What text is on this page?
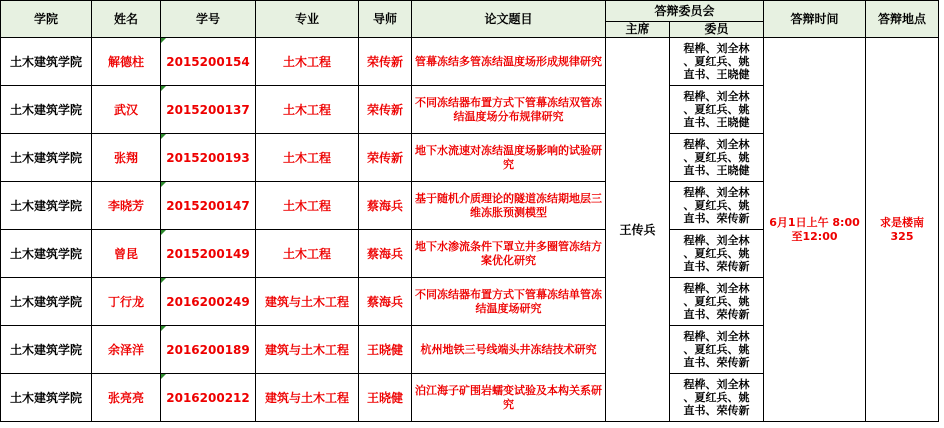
学院	姓名	学号	专业	导师	论文题目	答辩委员会		答辩时间	答辩地点
						主席	委员		
土木建筑学院	解德柱	2015200154	土木工程	荣传新	管幕冻结多管冻结温度场形成规律研究	王传兵	程桦、刘全林
、夏红兵、姚
直书、王晓健	6月1日上午 8:00至12:00	求是楼南 325
土木建筑学院	武汉	2015200137	土木工程	荣传新	不同冻结器布置方式下管幕冻结双管冻结温度场分布规律研究		程桦、刘全林
、夏红兵、姚
直书、王晓健		
土木建筑学院	张翔	2015200193	土木工程	荣传新	地下水流速对冻结温度场影响的试验研究		程桦、刘全林
、夏红兵、姚
直书、王晓健		
土木建筑学院	李晓芳	2015200147	土木工程	蔡海兵	基于随机介质理论的隧道冻结期地层三维冻胀预测模型		程桦、刘全林
、夏红兵、姚
直书、荣传新		
土木建筑学院	曾昆	2015200149	土木工程	蔡海兵	地下水渗流条件下罩立井多圈管冻结方案优化研究		程桦、刘全林
、夏红兵、姚
直书、荣传新		
土木建筑学院	丁行龙	2016200249	建筑与土木工程	蔡海兵	不同冻结器布置方式下管幕冻结单管冻结温度场研究		程桦、刘全林
、夏红兵、姚
直书、荣传新		
土木建筑学院	余泽洋	2016200189	建筑与土木工程	王晓健	杭州地铁三号线端头井冻结技术研究		程桦、刘全林
、夏红兵、姚
直书、荣传新		
土木建筑学院	张亮亮	2016200212	建筑与土木工程	王晓健	泊江海子矿围岩蠕变试验及本构关系研究		程桦、刘全林
、夏红兵、姚
直书、荣传新		
